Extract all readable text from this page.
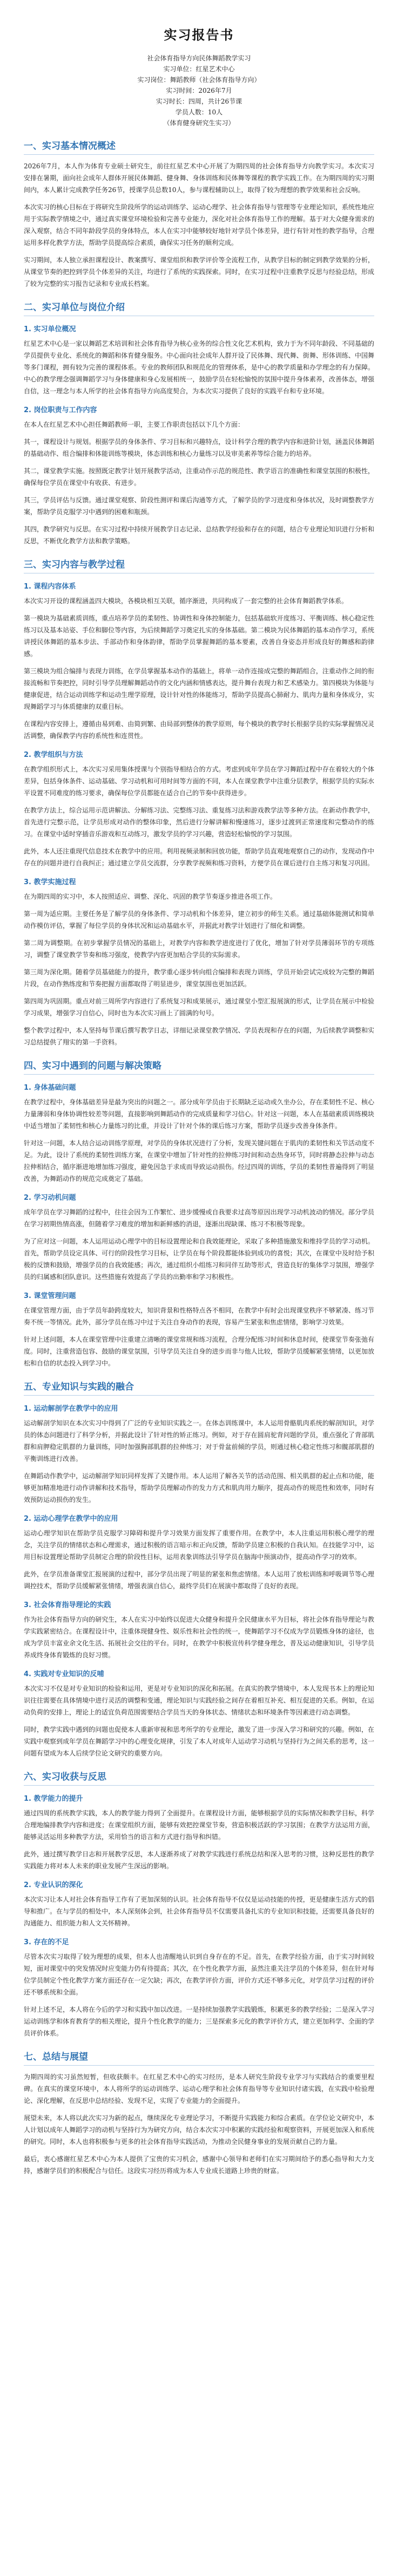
实习报告书
社会体育指导方向民体舞蹈教学实习
实习单位：红星艺术中心
实习岗位：舞蹈教师（社会体育指导方向）
实习时间：2026年7月
实习时长：四周，共计26节课
学员人数：10人
（体育健身研究生实习）
一、实习基本情况概述

2026年7月，本人作为体育专业硕士研究生，前往红星艺术中心开展了为期四周的社会体育指导方向教学实习。本次实习安排在暑期，面向社会成年人群体开展民体舞蹈、健身舞、身体训练和民体舞等课程的教学实践工作。在为期四周的实习期间内，本人累计完成教学任务26节，授课学员总数10人，参与课程辅助以上，取得了较为理想的教学效果和社会反响。

本次实习的核心目标在于将研究生阶段所学的运动训练学、运动心理学、社会体育指导与管理等专业理论知识，系统性地应用于实际教学情境之中，通过真实课堂环境检验和完善专业能力，深化对社会体育指导工作的理解。基于对大众健身需求的深入观察，结合不同年龄段学员的身体特点，本人在实习中能够较好地针对学员个体差异，进行有针对性的教学指导，合理运用多样化教学方法，帮助学员提高综合素质，确保实习任务的顺利完成。

实习期间，本人独立承担课程设计、教案撰写、课堂组织和教学评价等全流程工作，从教学目标的制定到教学效果的分析，从课堂节奏的把控到学员个体差异的关注，均进行了系统的实践探索。同时，在实习过程中注重教学反思与经验总结，形成了较为完整的实习报告记录和专业成长档案。

二、实习单位与岗位介绍
1. 实习单位概况

红星艺术中心是一家以舞蹈艺术培训和社会体育指导为核心业务的综合性文化艺术机构，致力于为不同年龄段、不同基础的学员提供专业化、系统化的舞蹈和体育健身服务。中心面向社会成年人群开设了民体舞、现代舞、街舞、形体训练、中国舞等多门课程，拥有较为完善的课程体系。专业的教师团队和规范化的管理体系，是中心的教学质量和办学理念的有力保障。中心的教学理念强调舞蹈学习与身体健康和身心发展相统一，鼓励学员在轻松愉悦的氛围中提升身体素养，改善体态，增强自信，这一理念与本人所学的社会体育指导方向高度契合，为本次实习提供了良好的实践平台和专业环境。

2. 岗位职责与工作内容

在本人在红星艺术中心担任舞蹈教师一职，主要工作职责包括以下几个方面：

其一，课程设计与规划。根据学员的身体条件、学习目标和兴趣特点，设计科学合理的教学内容和进阶计划，涵盖民体舞蹈的基础动作、组合编排和体能训练等模块，体态训练和核心力量练习以及审美素养等综合能力的培养。

其二，课堂教学实施。按照既定教学计划开展教学活动，注重动作示范的规范性、教学语言的准确性和课堂氛围的积极性，确保每位学员在课堂中有收获、有进步。

其三，学员评估与反馈。通过课堂观察、阶段性测评和课后沟通等方式，了解学员的学习进度和身体状况，及时调整教学方案，帮助学员克服学习中遇到的困难和瓶颈。

其四，教学研究与反思。在实习过程中持续开展教学日志记录、总结教学经验和存在的问题，结合专业理论知识进行分析和反思，不断优化教学方法和教学策略。

三、实习内容与教学过程
1. 课程内容体系

本次实习开设的课程涵盖四大模块，各模块相互关联，循序渐进，共同构成了一套完整的社会体育舞蹈教学体系。

第一模块为基础素质训练，重点培养学员的柔韧性、协调性和身体控制能力，包括基础软开度练习、平衡训练、核心稳定性练习以及基本站姿、手位和脚位等内容，为后续舞蹈学习奠定扎实的身体基础。第二模块为民体舞蹈的基本动作学习，系统讲授民体舞蹈的基本步法、手部动作和身体韵律，帮助学员掌握舞蹈的基本要素，改善自身姿态并形成良好的舞感和韵律感。

第三模块为组合编排与表现力训练，在学员掌握基本动作的基础上，将单一动作连接成完整的舞蹈组合，注重动作之间的衔接流畅和节奏把控，同时引导学员理解舞蹈动作的文化内涵和情感表达，提升舞台表现力和艺术感染力。第四模块为体能与健康促进，结合运动训练学和运动生理学原理，设计针对性的体能练习，帮助学员提高心肺耐力、肌肉力量和身体成分，实现舞蹈学习与体质健康的双重目标。

在课程内容安排上，遵循由易到难、由简到繁、由局部到整体的教学原则，每个模块的教学时长根据学员的实际掌握情况灵活调整，确保教学内容的系统性和连贯性。

2. 教学组织与方法

在教学组织形式上，本次实习采用集体授课与个别指导相结合的方式。考虑到成年学员在学习舞蹈过程中存在着较大的个体差异，包括身体条件、运动基础、学习动机和可用时间等方面的不同，本人在课堂教学中注重分层教学，根据学员的实际水平设置不同难度的练习要求，确保每位学员都能在适合自己的节奏中获得进步。

在教学方法上，综合运用示范讲解法、分解练习法、完整练习法、重复练习法和游戏教学法等多种方法。在新动作教学中，首先进行完整示范，让学员形成对动作的整体印象，然后进行分解讲解和慢速练习，逐步过渡到正常速度和完整动作的练习。在课堂中适时穿插音乐游戏和互动练习，激发学员的学习兴趣，营造轻松愉悦的学习氛围。

此外，本人还注重现代信息技术在教学中的应用。利用视频录制和回放功能，帮助学员直观地观察自己的动作，发现动作中存在的问题并进行自我纠正；通过建立学员交流群，分享教学视频和练习资料，方便学员在课后进行自主练习和复习巩固。

3. 教学实施过程

在为期四周的实习中，本人按照适应、调整、深化、巩固的教学节奏逐步推进各项工作。

第一周为适应期。主要任务是了解学员的身体条件、学习动机和个体差异，建立初步的师生关系。通过基础体能测试和简单动作模仿评估，掌握了每位学员的身体状况和运动基础水平，并据此对教学计划进行了细化和调整。

第二周为调整期。在初步掌握学员情况的基础上，对教学内容和教学进度进行了优化，增加了针对学员薄弱环节的专项练习，调整了课堂教学节奏和练习强度，使教学内容更加贴合学员的实际需求。

第三周为深化期。随着学员基础能力的提升，教学重心逐步转向组合编排和表现力训练，学员开始尝试完成较为完整的舞蹈片段，在动作熟练度和节奏把握方面都取得了明显进步，课堂氛围也更加活跃。

第四周为巩固期。重点对前三周所学内容进行了系统复习和成果展示，通过课堂小型汇报展演的形式，让学员在展示中检验学习成果，增强学习自信心，同时也为本次实习画上了圆满的句号。

整个教学过程中，本人坚持每节课后撰写教学日志，详细记录课堂教学情况、学员表现和存在的问题，为后续教学调整和实习总结提供了翔实的第一手资料。

四、实习中遇到的问题与解决策略
1. 身体基础问题

在教学过程中，身体基础差异是最为突出的问题之一。部分成年学员由于长期缺乏运动或久坐办公，存在柔韧性不足、核心力量薄弱和身体协调性较差等问题，直接影响到舞蹈动作的完成质量和学习信心。针对这一问题，本人在基础素质训练模块中适当增加了柔韧性和核心力量练习的比重，并设计了针对个体的课后练习方案，帮助学员逐步改善身体条件。

针对这一问题，本人结合运动训练学原理，对学员的身体状况进行了分析，发现关键问题在于肌肉的柔韧性和关节活动度不足。为此，设计了系统的柔韧性训练方案，在课堂中增加了针对性的拉伸练习时间和动态热身环节，同时将静态拉伸与动态拉伸相结合，循序渐进地增加练习强度，避免因急于求成而导致运动损伤。经过四周的训练，学员的柔韧性普遍得到了明显改善，为舞蹈动作的规范完成奠定了基础。

2. 学习动机问题

成年学员在学习舞蹈的过程中，往往会因为工作繁忙、进步缓慢或自我要求过高等原因出现学习动机波动的情况。部分学员在学习初期热情高涨，但随着学习难度的增加和新鲜感的消退，逐渐出现缺课、练习不积极等现象。

为了应对这一问题，本人运用运动心理学中的目标设置理论和自我效能理论，采取了多种措施激发和维持学员的学习动机。首先，帮助学员设定具体、可行的阶段性学习目标，让学员在每个阶段都能体验到成功的喜悦；其次，在课堂中及时给予积极的反馈和鼓励，增强学员的自我效能感；再次，通过组织小组练习和同伴互助等形式，营造良好的集体学习氛围，增强学员的归属感和团队意识。这些措施有效提高了学员的出勤率和学习积极性。

3. 课堂管理问题

在课堂管理方面，由于学员年龄跨度较大，知识背景和性格特点各不相同，在教学中有时会出现课堂秩序不够紧凑、练习节奏不统一等情况。此外，部分学员在练习中过于关注自身动作的表现，容易产生紧张和焦虑情绪，影响学习效果。

针对上述问题，本人在课堂管理中注重建立清晰的课堂常规和练习流程，合理分配练习时间和休息时间，使课堂节奏张弛有度。同时，注重营造包容、鼓励的课堂氛围，引导学员关注自身的进步而非与他人比较，帮助学员缓解紧张情绪，以更加放松和自信的状态投入到学习中。

五、专业知识与实践的融合
1. 运动解剖学在教学中的应用

运动解剖学知识在本次实习中得到了广泛的专业知识实践之一。在体态训练课中，本人运用骨骼肌肉系统的解剖知识，对学员的体态问题进行了科学分析，并据此设计了针对性的矫正练习。例如，对于存在圆肩驼背问题的学员，重点强化了背部肌群和肩胛稳定肌群的力量训练，同时加强胸部肌群的拉伸练习；对于骨盆前倾的学员，则通过核心稳定性练习和髋部肌群的平衡训练进行改善。

在舞蹈动作教学中，运动解剖学知识同样发挥了关键作用。本人运用了解各关节的活动范围、相关肌群的起止点和功能，能够更加精准地进行动作讲解和技术指导，帮助学员理解动作的发力方式和肌肉用力顺序，提高动作的规范性和效率，同时有效预防运动损伤的发生。

2. 运动心理学在教学中的应用

运动心理学知识在帮助学员克服学习障碍和提升学习效果方面发挥了重要作用。在教学中，本人注重运用积极心理学的理念，关注学员的情绪状态和心理需求，通过积极的语言暗示和正向反馈，帮助学员建立积极的自我认知。在技能学习中，运用目标设置理论帮助学员制定合理的阶段性目标，运用表象训练法引导学员在脑海中预演动作，提高动作学习的效率。

此外，在学员准备课堂汇报展演的过程中，部分学员出现了明显的紧张和焦虑情绪。本人运用了放松训练和呼吸调节等心理调控技术，帮助学员缓解紧张情绪，增强表演自信心，最终学员们在展演中都取得了良好的表现。

3. 社会体育指导理论的实践

作为社会体育指导方向的研究生，本人在实习中始终以促进大众健身和提升全民健康水平为目标，将社会体育指导理论与教学实践紧密结合。在课程设计中，注重体现健身性、娱乐性和社会性的统一，使舞蹈学习不仅成为学员锻炼身体的途径，也成为学员丰富业余文化生活、拓展社会交往的平台。同时，在教学中积极宣传科学健身理念，普及运动健康知识，引导学员养成终身体育锻炼的良好习惯。

4. 实践对专业知识的反哺

本次实习不仅是对专业知识的检验和运用，更是对专业知识的深化和拓展。在真实的教学情境中，本人发现书本上的理论知识往往需要在具体情境中进行灵活的调整和变通，理论知识与实践经验之间存在着相互补充、相互促进的关系。例如，在运动负荷的安排上，理论上的适宜负荷范围需要结合学员当天的身体状态、情绪状态和环境条件等因素进行动态调整。

同时，教学实践中遇到的问题也促使本人重新审视和思考所学的专业理论，激发了进一步深入学习和研究的兴趣。例如，在实践中观察到成年学员在舞蹈学习中的心理变化规律，引发了本人对成年人运动学习动机与坚持行为之间关系的思考，这一问题有望成为本人后续学位论文研究的重要方向。

六、实习收获与反思
1. 教学能力的提升

通过四周的系统教学实践，本人的教学能力得到了全面提升。在课程设计方面，能够根据学员的实际情况和教学目标，科学合理地编排教学内容和进度；在课堂组织方面，能够有效把控课堂节奏，营造积极活跃的学习氛围；在教学方法运用方面，能够灵活运用多种教学方法，采用恰当的语言和方式进行指导和纠错。

此外，通过撰写教学日志和开展教学反思，本人逐渐养成了对教学实践进行系统总结和深入思考的习惯，这种反思性的教学实践能力将对本人未来的职业发展产生深远的影响。

2. 专业认识的深化

本次实习让本人对社会体育指导工作有了更加深刻的认识。社会体育指导不仅仅是运动技能的传授，更是健康生活方式的倡导和推广。在与学员的相处中，本人深刻体会到，社会体育指导员不仅需要具备扎实的专业知识和技能，还需要具备良好的沟通能力、组织能力和人文关怀精神。

3. 存在的不足

尽管本次实习取得了较为理想的成果，但本人也清醒地认识到自身存在的不足。首先，在教学经验方面，由于实习时间较短，面对课堂中的突发情况时应变能力仍有待提高；其次，在个性化教学方面，虽然注重关注学员的个体差异，但在针对每位学员制定个性化教学方案方面还存在一定欠缺；再次，在教学评价方面，评价方式还不够多元化，对学员学习过程的评价还不够系统和全面。

针对上述不足，本人将在今后的学习和实践中加以改进。一是持续加强教学实践锻炼，积累更多的教学经验；二是深入学习运动训练学和体育教育学的相关理论，提升个性化教学的能力；三是探索多元化的教学评价方式，建立更加科学、全面的学员评价体系。

七、总结与展望

为期四周的实习虽然短暂，但收获颇丰。在红星艺术中心的实习经历，是本人研究生阶段专业学习与实践结合的重要里程碑。在真实的课堂环境中，本人将所学的运动训练学、运动心理学和社会体育指导等专业知识付诸实践，在实践中检验理论、深化理解，在反思中总结经验、发现不足，实现了专业能力的全面提升。

展望未来，本人将以此次实习为新的起点，继续深化专业理论学习，不断提升实践能力和综合素质。在学位论文研究中，本人计划以成年人舞蹈学习的动机与坚持行为为研究方向，结合本次实习中积累的实践经验和观察资料，开展更加深入和系统的研究。同时，本人也将积极参与更多的社会体育指导实践活动，为推动全民健身事业的发展贡献自己的力量。

最后，衷心感谢红星艺术中心为本人提供了宝贵的实习机会，感谢中心领导和老师们在实习期间给予的悉心指导和大力支持，感谢学员们的积极配合与信任。这段实习经历将成为本人专业成长道路上珍贵的财富。
